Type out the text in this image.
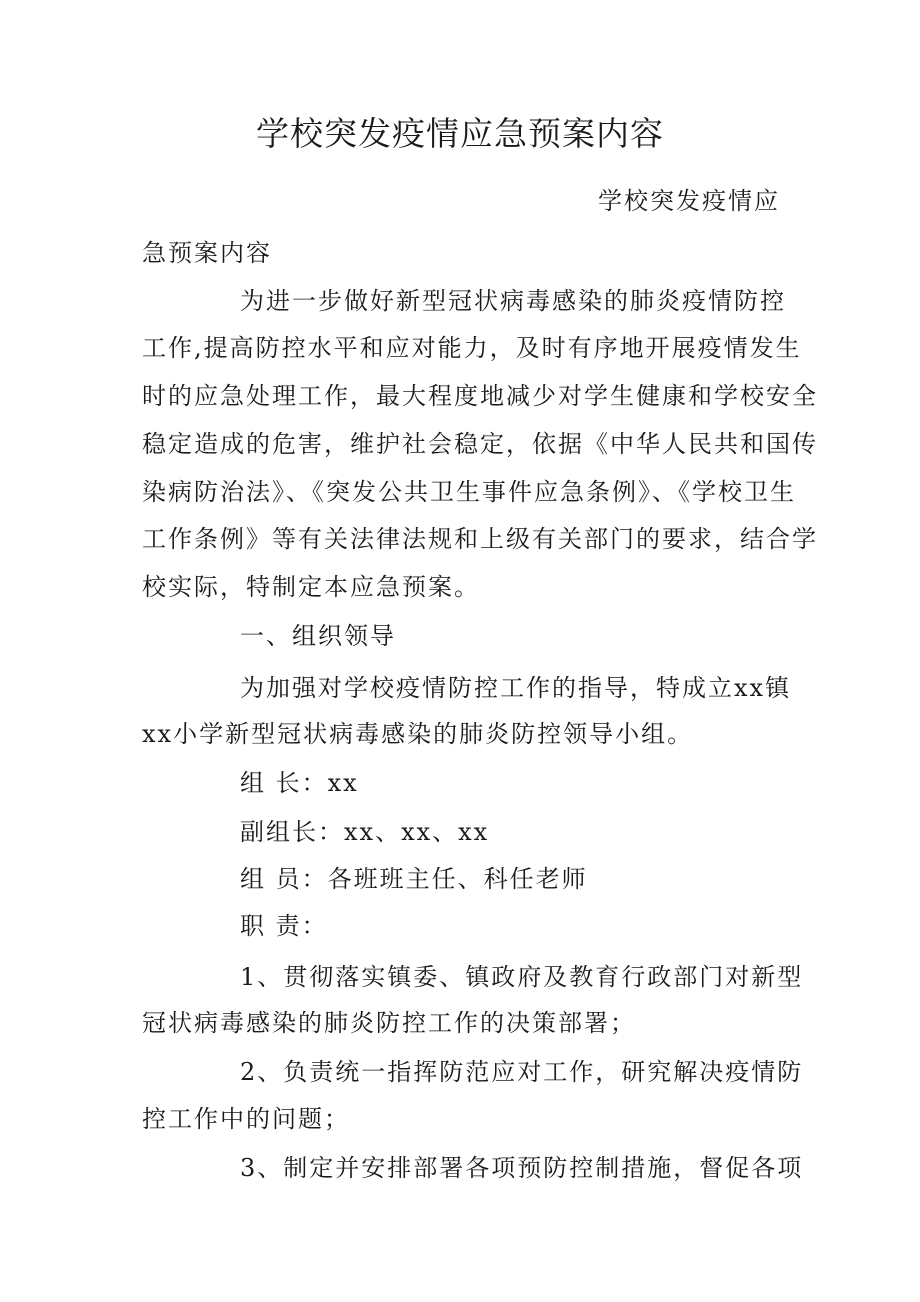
学校突发疫情应急预案内容
学校突发疫情应
急预案内容
为进一步做好新型冠状病毒感染的肺炎疫情防控
工作,提高防控水平和应对能力，及时有序地开展疫情发生
时的应急处理工作，最大程度地减少对学生健康和学校安全
稳定造成的危害，维护社会稳定，依据《中华人民共和国传
染病防治法》、《突发公共卫生事件应急条例》、《学校卫生
工作条例》等有关法律法规和上级有关部门的要求，结合学
校实际，特制定本应急预案。
一、组织领导
为加强对学校疫情防控工作的指导，特成立xx镇
xx小学新型冠状病毒感染的肺炎防控领导小组。
组 长：xx
副组长：xx、xx、xx
组 员：各班班主任、科任老师
职 责：
1、贯彻落实镇委、镇政府及教育行政部门对新型
冠状病毒感染的肺炎防控工作的决策部署；
2、负责统一指挥防范应对工作，研究解决疫情防
控工作中的问题；
3、制定并安排部署各项预防控制措施，督促各项
